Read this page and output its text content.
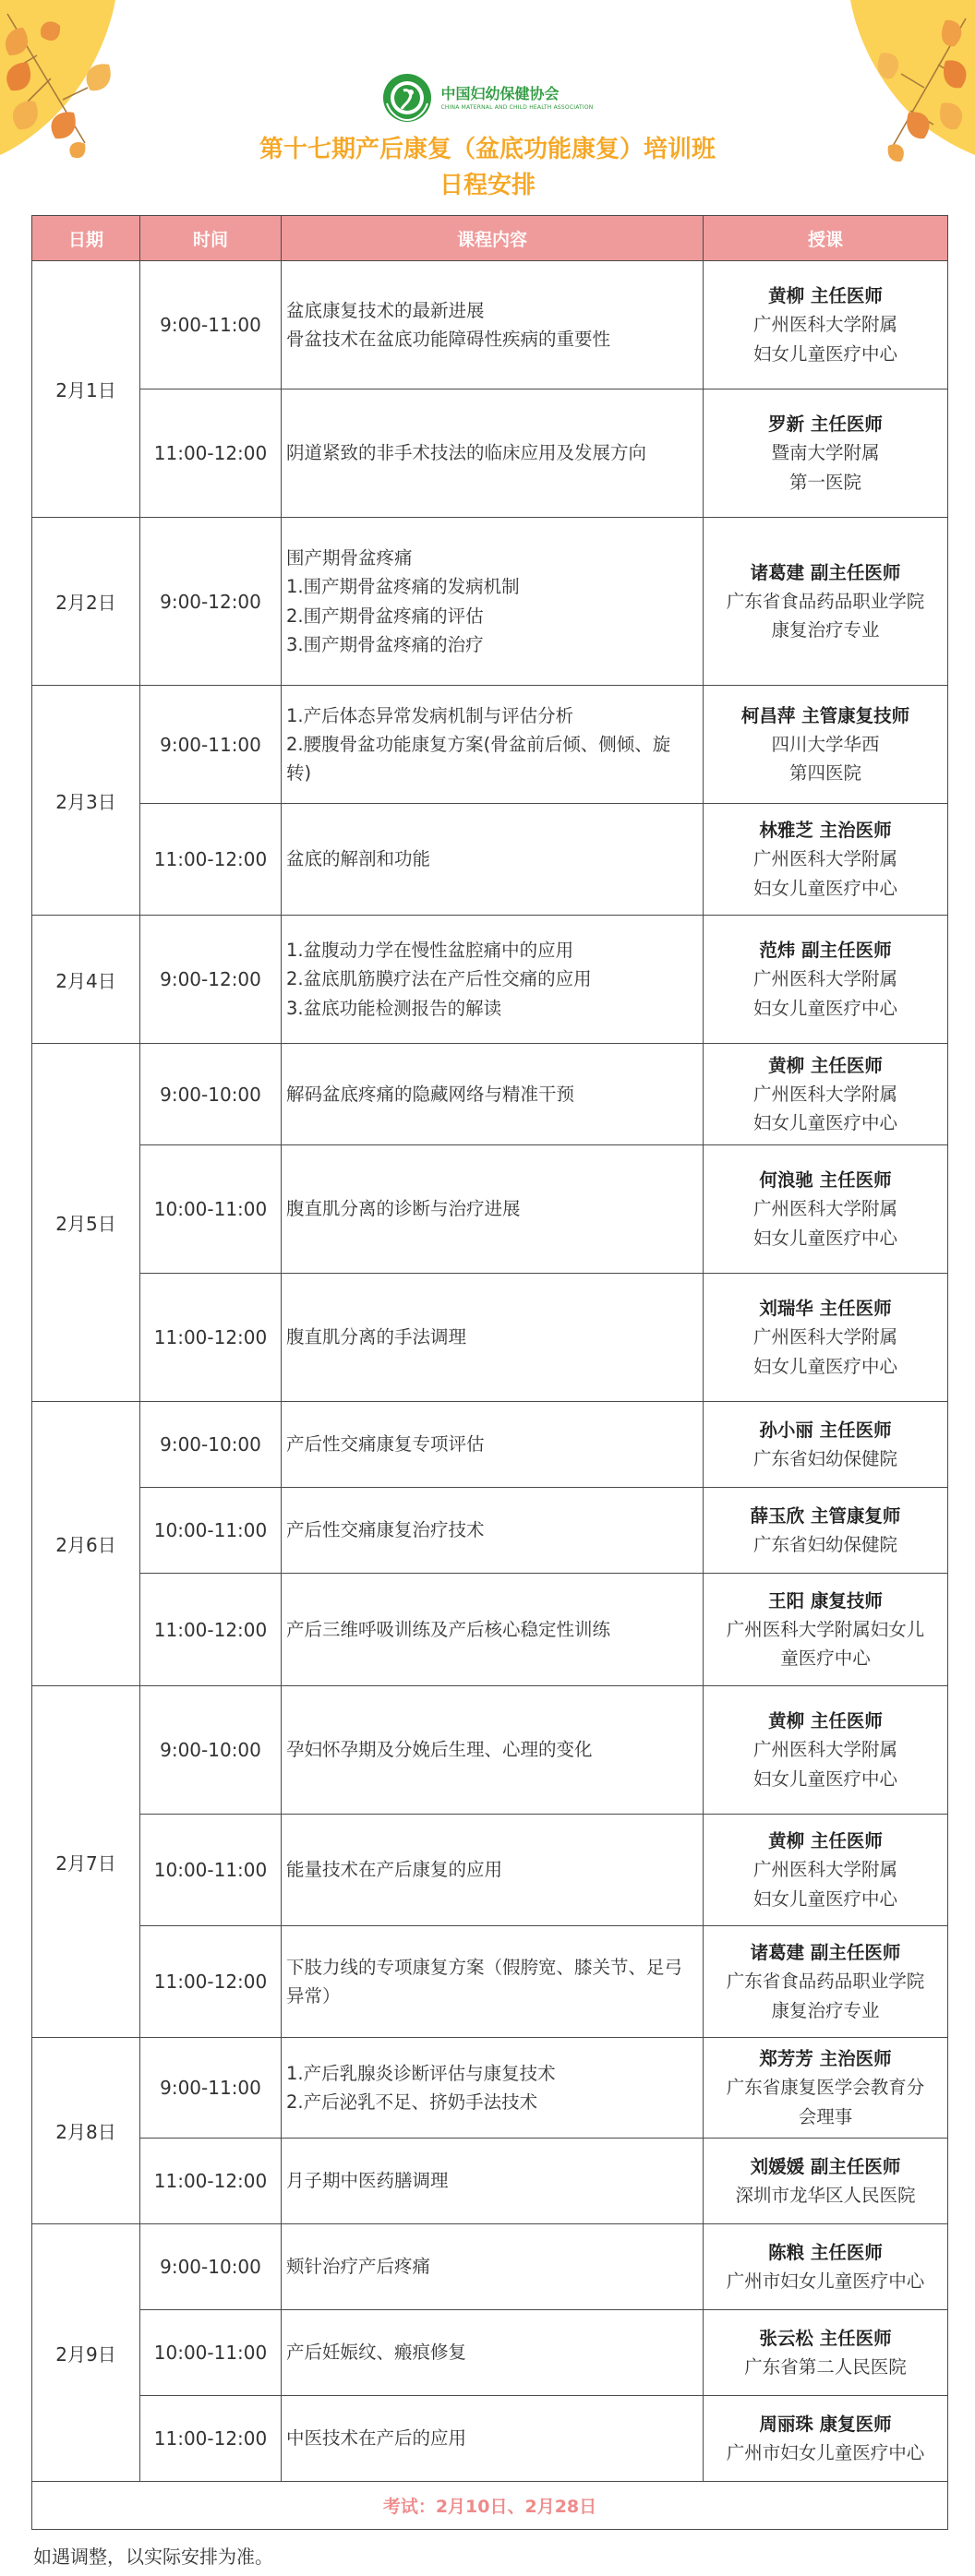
中国妇幼保健协会
CHINA MATERNAL AND CHILD HEALTH ASSOCIATION
第十七期产后康复（盆底功能康复）培训班
日程安排
日期	时间	课程内容	授课
2月1日	9:00-11:00	盆底康复技术的最新进展
骨盆技术在盆底功能障碍性疾病的重要性	黄柳 主任医师
广州医科大学附属
妇女儿童医疗中心

	11:00-12:00	阴道紧致的非手术技法的临床应用及发展方向	罗新 主任医师
暨南大学附属
第一医院

2月2日	9:00-12:00	围产期骨盆疼痛
1.围产期骨盆疼痛的发病机制
2.围产期骨盆疼痛的评估
3.围产期骨盆疼痛的治疗	诸葛建 副主任医师
广东省食品药品职业学院
康复治疗专业

2月3日	9:00-11:00	1.产后体态异常发病机制与评估分析
2.腰腹骨盆功能康复方案(骨盆前后倾、侧倾、旋转)	柯昌萍 主管康复技师
四川大学华西
第四医院

	11:00-12:00	盆底的解剖和功能	林雅芝 主治医师
广州医科大学附属
妇女儿童医疗中心

2月4日	9:00-12:00	1.盆腹动力学在慢性盆腔痛中的应用
2.盆底肌筋膜疗法在产后性交痛的应用
3.盆底功能检测报告的解读	范炜 副主任医师
广州医科大学附属
妇女儿童医疗中心

2月5日	9:00-10:00	解码盆底疼痛的隐藏网络与精准干预	黄柳 主任医师
广州医科大学附属
妇女儿童医疗中心

	10:00-11:00	腹直肌分离的诊断与治疗进展	何浪驰 主任医师
广州医科大学附属
妇女儿童医疗中心

	11:00-12:00	腹直肌分离的手法调理	刘瑞华 主任医师
广州医科大学附属
妇女儿童医疗中心

2月6日	9:00-10:00	产后性交痛康复专项评估	孙小丽 主任医师
广东省妇幼保健院

	10:00-11:00	产后性交痛康复治疗技术	薛玉欣 主管康复师
广东省妇幼保健院

	11:00-12:00	产后三维呼吸训练及产后核心稳定性训练	王阳 康复技师
广州医科大学附属妇女儿
童医疗中心

2月7日	9:00-10:00	孕妇怀孕期及分娩后生理、心理的变化	黄柳 主任医师
广州医科大学附属
妇女儿童医疗中心

	10:00-11:00	能量技术在产后康复的应用	黄柳 主任医师
广州医科大学附属
妇女儿童医疗中心

	11:00-12:00	下肢力线的专项康复方案（假胯宽、膝关节、足弓异常）	诸葛建 副主任医师
广东省食品药品职业学院
康复治疗专业

2月8日	9:00-11:00	1.产后乳腺炎诊断评估与康复技术
2.产后泌乳不足、挤奶手法技术	郑芳芳 主治医师
广东省康复医学会教育分
会理事

	11:00-12:00	月子期中医药膳调理	刘媛媛 副主任医师
深圳市龙华区人民医院

2月9日	9:00-10:00	颊针治疗产后疼痛	陈粮 主任医师
广州市妇女儿童医疗中心

	10:00-11:00	产后妊娠纹、瘢痕修复	张云松 主任医师
广东省第二人民医院

	11:00-12:00	中医技术在产后的应用	周丽珠 康复医师
广州市妇女儿童医疗中心

考试：2月10日、2月28日			
如遇调整，以实际安排为准。
